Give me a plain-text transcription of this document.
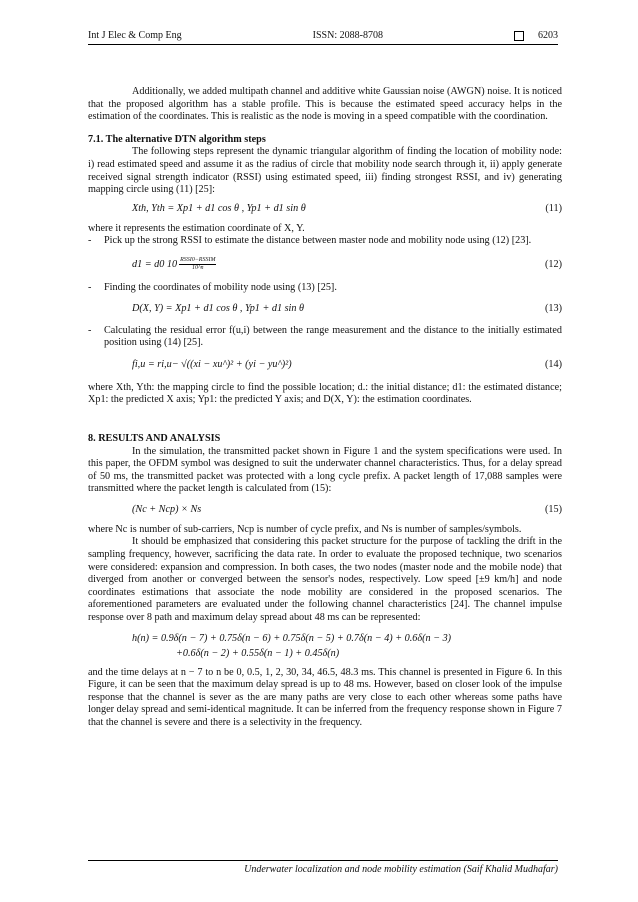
Int J Elec & Comp Eng	ISSN: 2088-8708	6203

Additionally, we added multipath channel and additive white Gaussian noise (AWGN) noise. It is noticed that the proposed algorithm has a stable profile. This is because the estimated speed accuracy helps in the estimation of the coordinates. This is realistic as the node is moving in a speed compatible with the coordination.

7.1. The alternative DTN algorithm steps

The following steps represent the dynamic triangular algorithm of finding the location of mobility node: i) read estimated speed and assume it as the radius of circle that mobility node search through it, ii) apply generate received signal strength indicator (RSSI) using estimated speed, iii) finding strongest RSSI, and iv) generating mapping circle using (11) [25]:

Xth, Yth = Xp1 + d1 cos θ , Yp1 + d1 sin θ	(11)

where it represents the estimation coordinate of X, Y.

-	Pick up the strong RSSI to estimate the distance between master node and mobility node using (12) [23].
d1 = d0 $10 \frac{\text{RSSI0−RSSIM}}{10\^{}n}$	(12)
-	Finding the coordinates of mobility node using (13) [25].
D(X, Y) = Xp1 + d1 cos θ , Yp1 + d1 sin θ	(13)
-	Calculating the residual error f(u,i) between the range measurement and the distance to the initially estimated position using (14) [25].
fi,u = ri,u− √((xi − xu^)² + (yi − yu^)²)	(14)

where Xth, Yth: the mapping circle to find the possible location; d.: the initial distance; d1: the estimated distance; Xp1: the predicted X axis; Yp1: the predicted Y axis; and D(X, Y): the estimation coordinates.

8. RESULTS AND ANALYSIS

In the simulation, the transmitted packet shown in Figure 1 and the system specifications were used. In this paper, the OFDM symbol was designed to suit the underwater channel characteristics. Thus, for a delay spread of 50 ms, the transmitted packet was protected with a long cycle prefix. A packet length of 17,088 samples were transmitted where the packet length is calculated from (15):

(Nc + Ncp) × Ns	(15)

where Nc is number of sub-carriers, Ncp is number of cycle prefix, and Ns is number of samples/symbols.

It should be emphasized that considering this packet structure for the purpose of tackling the drift in the sampling frequency, however, sacrificing the data rate. In order to evaluate the proposed technique, two scenarios were considered: expansion and compression. In both cases, the two nodes (master node and the mobile node) that diverged from another or converged between the sensor's nodes, respectively. Low speed [±9 km/h] and node coordinates estimations that associate the node mobility are considered in the proposed scenarios. The aforementioned parameters are evaluated under the following channel characteristics [24]. The channel impulse response over 8 path and maximum delay spread about 48 ms can be represented:

h(n) = 0.9δ(n − 7) + 0.75δ(n − 6) + 0.75δ(n − 5) + 0.7δ(n − 4) + 0.6δ(n − 3)
+0.6δ(n − 2) + 0.55δ(n − 1) + 0.45δ(n)

and the time delays at n − 7 to n be 0, 0.5, 1, 2, 30, 34, 46.5, 48.3 ms. This channel is presented in Figure 6. In this Figure, it can be seen that the maximum delay spread is up to 48 ms. However, based on closer look of the impulse response that the channel is sever as the are many paths are very close to each other whereas some paths have longer delay spread and semi-identical magnitude. It can be inferred from the frequency response shown in Figure 7 that the channel is severe and there is a selectivity in the frequency.

Underwater localization and node mobility estimation (Saif Khalid Mudhafar)
